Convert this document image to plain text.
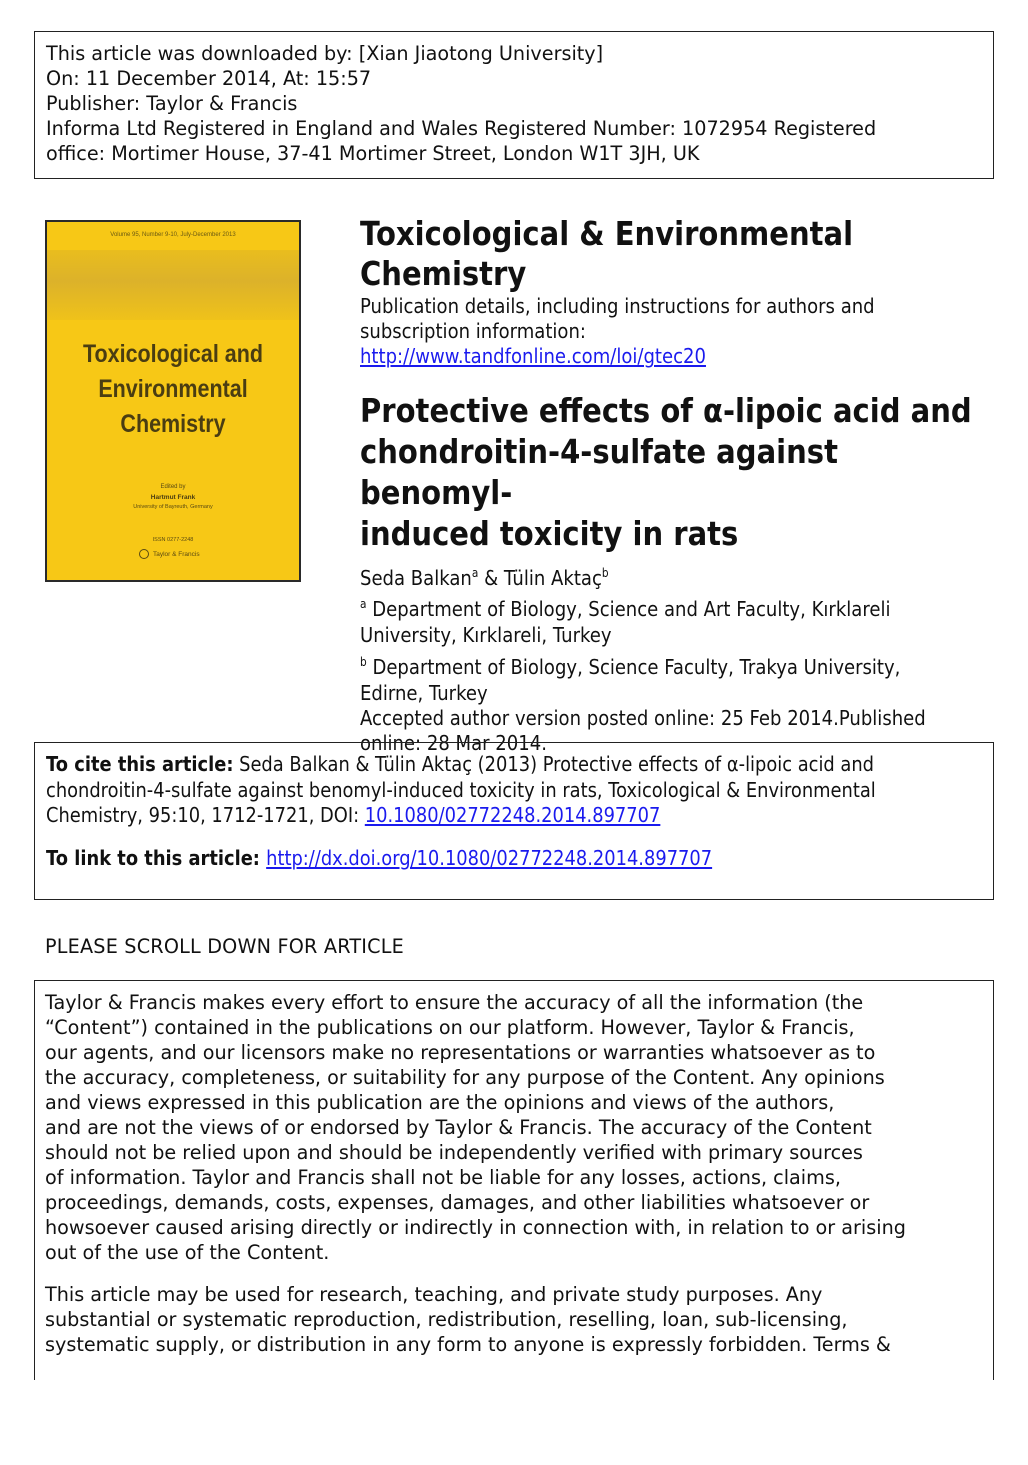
This article was downloaded by: [Xian Jiaotong University]
On: 11 December 2014, At: 15:57
Publisher: Taylor & Francis
Informa Ltd Registered in England and Wales Registered Number: 1072954 Registered
office: Mortimer House, 37-41 Mortimer Street, London W1T 3JH, UK
Volume 95, Number 9-10, July-December 2013
Toxicological and
Environmental
Chemistry
Edited by
Hartmut Frank
University of Bayreuth, Germany
ISSN 0277-2248
Taylor & Francis
Toxicological & Environmental Chemistry
Publication details, including instructions for authors and
subscription information:
http://www.tandfonline.com/loi/gtec20
Protective effects of α-lipoic acid and
chondroitin-4-sulfate against benomyl-
induced toxicity in rats
Seda Balkan$^a$ & Tülin Aktaç$^b$
$^a$ Department of Biology, Science and Art Faculty, Kırklareli
University, Kırklareli, Turkey
$^b$ Department of Biology, Science Faculty, Trakya University,
Edirne, Turkey
Accepted author version posted online: 25 Feb 2014.Published
online: 28 Mar 2014.
To cite this article: Seda Balkan & Tülin Aktaç (2013) Protective effects of α-lipoic acid and
chondroitin-4-sulfate against benomyl-induced toxicity in rats, Toxicological & Environmental
Chemistry, 95:10, 1712-1721, DOI: 10.1080/02772248.2014.897707
To link to this article: http://dx.doi.org/10.1080/02772248.2014.897707
PLEASE SCROLL DOWN FOR ARTICLE
Taylor & Francis makes every effort to ensure the accuracy of all the information (the
“Content”) contained in the publications on our platform. However, Taylor & Francis,
our agents, and our licensors make no representations or warranties whatsoever as to
the accuracy, completeness, or suitability for any purpose of the Content. Any opinions
and views expressed in this publication are the opinions and views of the authors,
and are not the views of or endorsed by Taylor & Francis. The accuracy of the Content
should not be relied upon and should be independently verified with primary sources
of information. Taylor and Francis shall not be liable for any losses, actions, claims,
proceedings, demands, costs, expenses, damages, and other liabilities whatsoever or
howsoever caused arising directly or indirectly in connection with, in relation to or arising
out of the use of the Content.
This article may be used for research, teaching, and private study purposes. Any
substantial or systematic reproduction, redistribution, reselling, loan, sub-licensing,
systematic supply, or distribution in any form to anyone is expressly forbidden. Terms &
